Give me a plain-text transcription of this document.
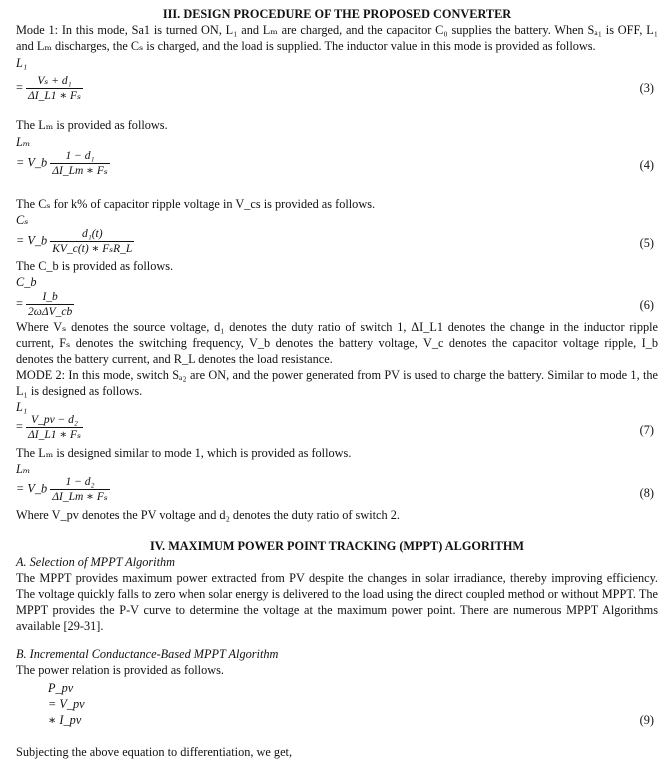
III. DESIGN PROCEDURE OF THE PROPOSED CONVERTER
Mode 1: In this mode, Sa1 is turned ON, L₁ and Lₘ are charged, and the capacitor C₀ supplies the battery. When Sₐ₁ is OFF, L₁ and Lₘ discharges, the Cₛ is charged, and the load is supplied. The inductor value in this mode is provided as follows.
L₁
= $\frac{\text{Vₛ + d₁}}{\text{ΔI\_L1 ∗ Fₛ}}$	(3)
The Lₘ is provided as follows.
Lₘ
= V_b $\frac{\text{1 − d₁}}{\text{ΔI\_Lm ∗ Fₛ}}$	(4)
The Cₛ for k% of capacitor ripple voltage in V_cs is provided as follows.
Cₛ
= V_b $\frac{\text{d₁(t)}}{\text{KV\_c(t) ∗ FₛR\_L}}$	(5)
The C_b is provided as follows.
C_b
= $\frac{I\_b}{\text{2ωΔV\_cb}}$	(6)
Where Vₛ denotes the source voltage, d₁ denotes the duty ratio of switch 1, ΔI_L1 denotes the change in the inductor ripple current, Fₛ denotes the switching frequency, V_b denotes the battery voltage, V_c denotes the capacitor voltage ripple, I_b denotes the battery current, and R_L denotes the load resistance.
MODE 2: In this mode, switch Sₐ₂ are ON, and the power generated from PV is used to charge the battery. Similar to mode 1, the L₁ is designed as follows.
L₁
= $\frac{\text{V\_pv − d₂}}{\text{ΔI\_L1 ∗ Fₛ}}$	(7)
The Lₘ is designed similar to mode 1, which is provided as follows.
Lₘ
= V_b $\frac{\text{1 − d₂}}{\text{ΔI\_Lm ∗ Fₛ}}$	(8)
Where V_pv denotes the PV voltage and d₂ denotes the duty ratio of switch 2.
IV. MAXIMUM POWER POINT TRACKING (MPPT) ALGORITHM
A. Selection of MPPT Algorithm
The MPPT provides maximum power extracted from PV despite the changes in solar irradiance, thereby improving efficiency. The voltage quickly falls to zero when solar energy is delivered to the load using the direct coupled method or without MPPT. The MPPT provides the P-V curve to determine the voltage at the maximum power point. There are numerous MPPT Algorithms available [29-31].
B. Incremental Conductance-Based MPPT Algorithm
The power relation is provided as follows.
P_pv
= V_pv
∗ I_pv	(9)
Subjecting the above equation to differentiation, we get,
